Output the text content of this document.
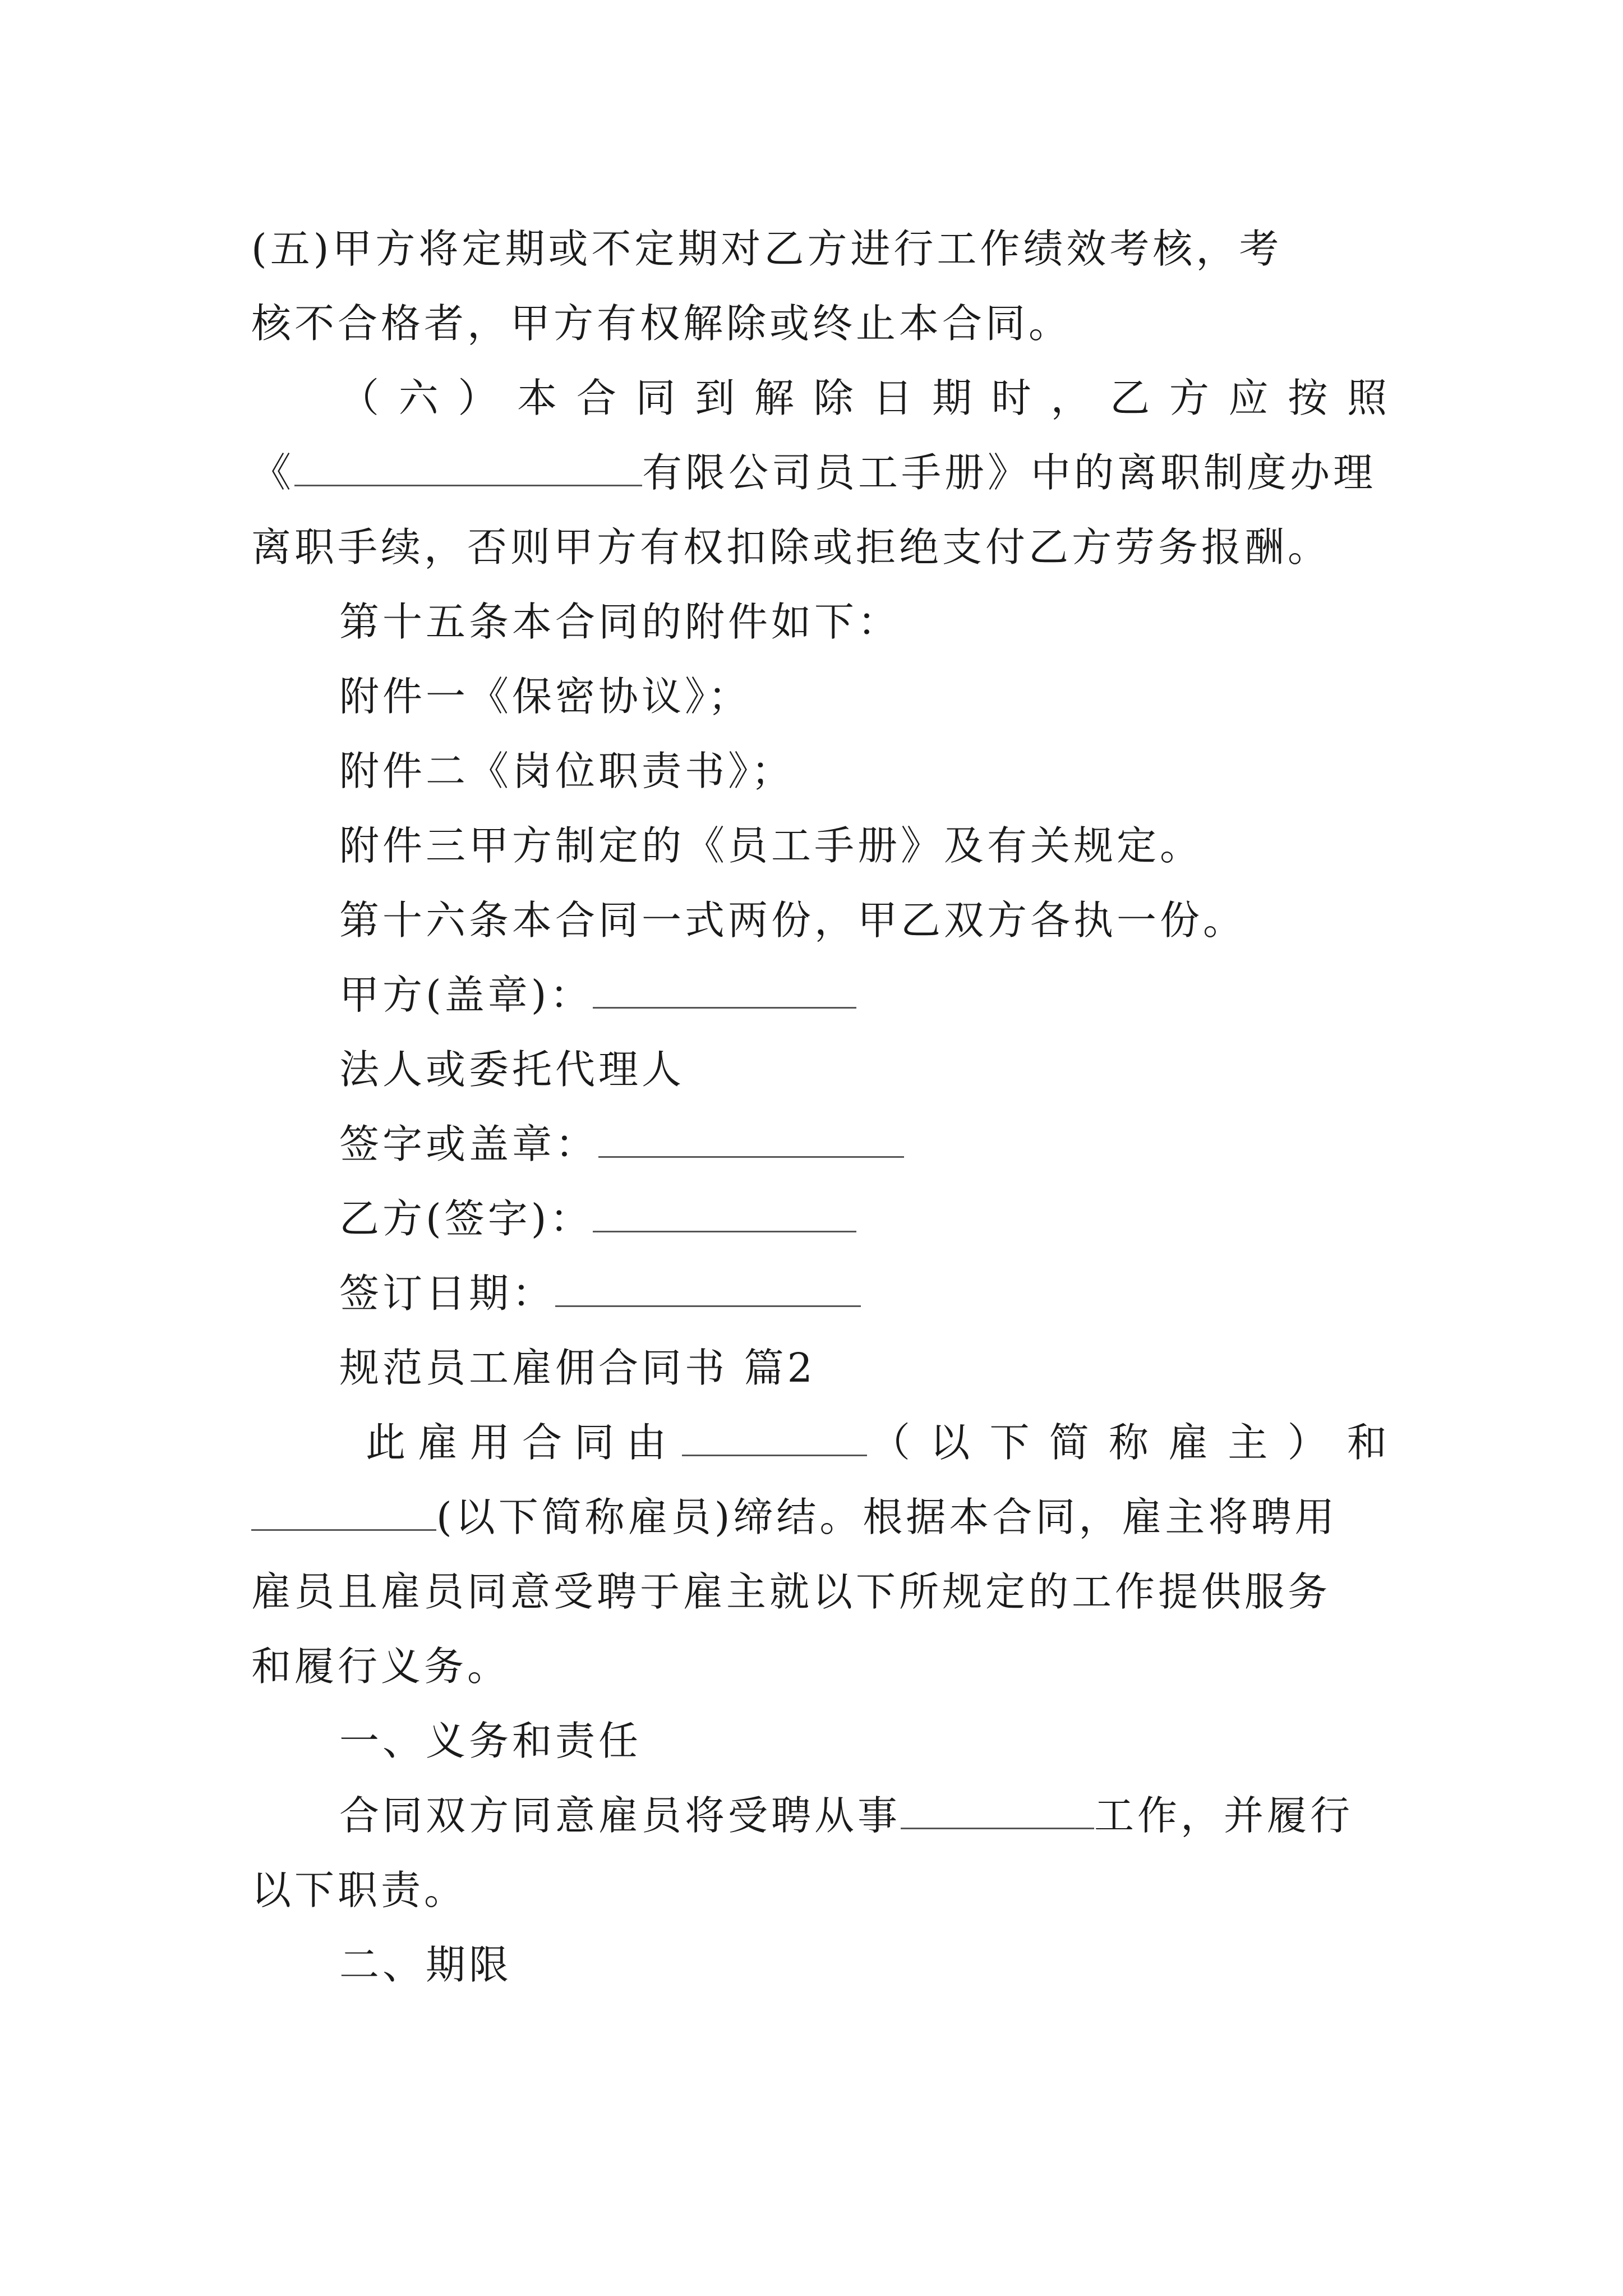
(五)甲方将定期或不定期对乙方进行工作绩效考核，考
核不合格者，甲方有权解除或终止本合同。
（ 六 ） 本 合 同 到 解 除 日 期 时 ， 乙 方 应 按 照
《	有限公司员工手册》中的离职制度办理
离职手续，否则甲方有权扣除或拒绝支付乙方劳务报酬。
第十五条本合同的附件如下：
附件一《保密协议》；
附件二《岗位职责书》；
附件三甲方制定的《员工手册》及有关规定。
第十六条本合同一式两份，甲乙双方各执一份。
甲方(盖章)：
法人或委托代理人
签字或盖章：
乙方(签字)：
签订日期：
规范员工雇佣合同书 篇2
此雇用合同由	（ 以 下 简 称 雇 主 ） 和
(以下简称雇员)缔结。根据本合同，雇主将聘用
雇员且雇员同意受聘于雇主就以下所规定的工作提供服务
和履行义务。
一、义务和责任
合同双方同意雇员将受聘从事	工作，并履行
以下职责。
二、期限
